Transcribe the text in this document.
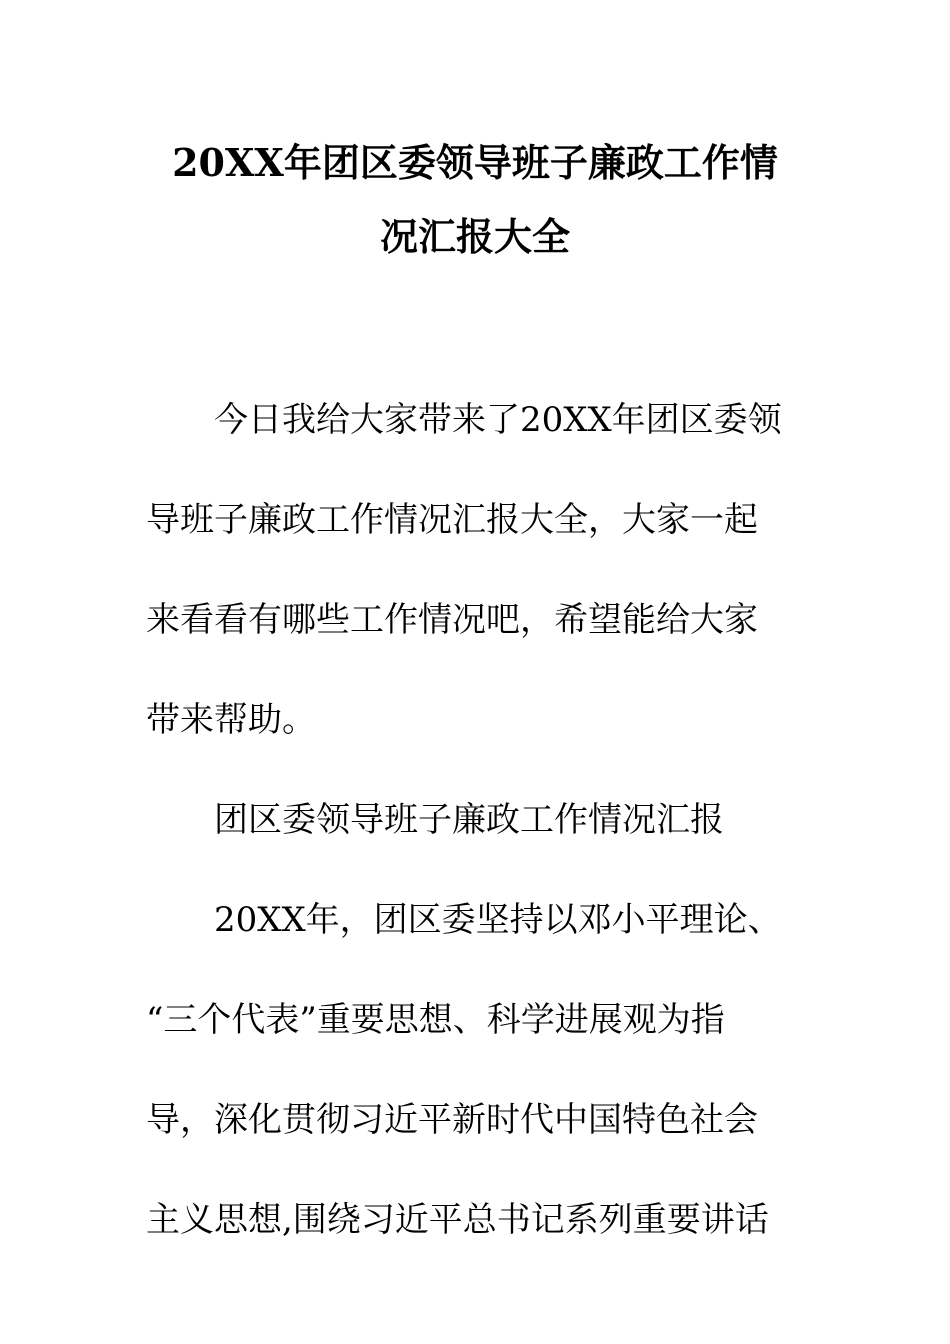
20XX年团区委领导班子廉政工作情
况汇报大全
今日我给大家带来了20XX年团区委领
导班子廉政工作情况汇报大全，大家一起
来看看有哪些工作情况吧，希望能给大家
带来帮助。
团区委领导班子廉政工作情况汇报
20XX年，团区委坚持以邓小平理论、
“三个代表”重要思想、科学进展观为指
导，深化贯彻习近平新时代中国特色社会
主义思想,围绕习近平总书记系列重要讲话
